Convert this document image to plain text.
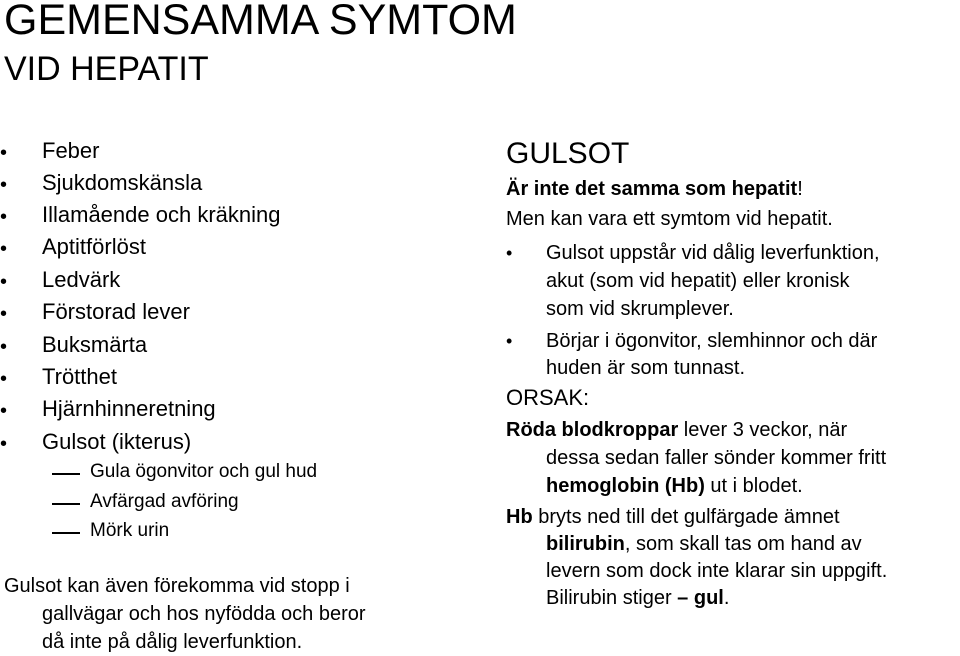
GEMENSAMMA SYMTOM
VID HEPATIT
• Feber
• Sjukdomskänsla
• Illamående och kräkning
• Aptitförlöst
• Ledvärk
• Förstorad lever
• Buksmärta
• Trötthet
• Hjärnhinneretning
• Gulsot (ikterus)
Gula ögonvitor och gul hud
Avfärgad avföring
Mörk urin
Gulsot kan även förekomma vid stopp i
gallvägar och hos nyfödda och beror
då inte på dålig leverfunktion.
GULSOT
Är inte det samma som hepatit!
Men kan vara ett symtom vid hepatit.
• Gulsot uppstår vid dålig leverfunktion,
akut (som vid hepatit) eller kronisk
som vid skrumplever.
• Börjar i ögonvitor, slemhinnor och där
huden är som tunnast.
ORSAK:
Röda blodkroppar lever 3 veckor, när
dessa sedan faller sönder kommer fritt
hemoglobin (Hb) ut i blodet.
Hb bryts ned till det gulfärgade ämnet
bilirubin, som skall tas om hand av
levern som dock inte klarar sin uppgift.
Bilirubin stiger – gul.
